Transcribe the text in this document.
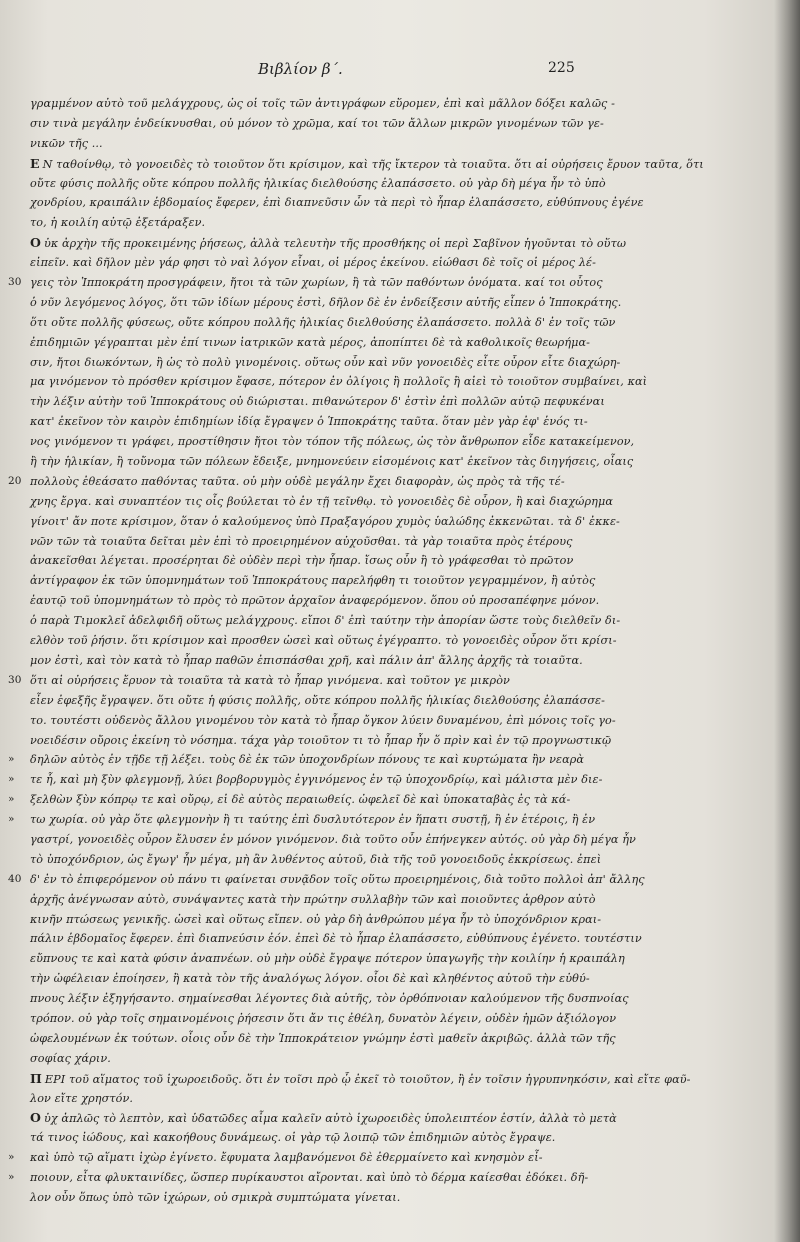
Βιβλίον β΄.	225
γραμμένον αὐτὸ τοῦ μελάγχρους, ὡς οἱ τοῖς τῶν ἀντιγράφων εὕρομεν, ἐπὶ καὶ μᾶλλον δόξει καλῶς -
σιν τινὰ μεγάλην ἐνδείκνυσθαι, οὐ μόνον τὸ χρῶμα, καί τοι τῶν ἄλλων μικρῶν γινομένων τῶν γε-
νικῶν τῆς ...
Ε Ν ταθοίνθῳ, τὸ γονοειδὲς τὸ τοιοῦτον ὅτι κρίσιμον, καὶ τῆς ἴκτερον τὰ τοιαῦτα. ὅτι αἱ οὐρήσεις ἔρυον ταῦτα, ὅτι
οὔτε φύσις πολλῆς οὔτε κόπρου πολλῆς ἡλικίας διελθούσης ἐλαπάσσετο. οὐ γὰρ δὴ μέγα ἦν τὸ ὑπὸ
χονδρίου, κραιπάλιν ἑβδομαίος ἔφερεν, ἐπὶ διαπνεῦσιν ὧν τὰ περὶ τὸ ἧπαρ ἐλαπάσσετο, εὐθύπνους ἐγένε
το, ἡ κοιλίη αὐτῷ ἐξετάραξεν.
Ο ὐκ ἀρχὴν τῆς προκειμένης ῥήσεως, ἀλλὰ τελευτὴν τῆς προσθήκης οἱ περὶ Σαβῖνον ἡγοῦνται τὸ οὕτω
εἰπεῖν. καὶ δῆλον μὲν γάρ φησι τὸ ναὶ λόγον εἶναι, οἱ μέρος ἐκείνου. εἰώθασι δὲ τοῖς οἱ μέρος λέ-
30 γεις τὸν Ἱπποκράτη προσγράφειν, ἤτοι τὰ τῶν χωρίων, ἢ τὰ τῶν παθόντων ὀνόματα. καί τοι οὗτος
ὁ νῦν λεγόμενος λόγος, ὅτι τῶν ἰδίων μέρους ἐστὶ, δῆλον δὲ ἐν ἐνδείξεσιν αὐτῆς εἶπεν ὁ Ἱπποκράτης.
ὅτι οὔτε πολλῆς φύσεως, οὔτε κόπρου πολλῆς ἡλικίας διελθούσης ἐλαπάσσετο. πολλὰ δ' ἐν τοῖς τῶν
ἐπιδημιῶν γέγραπται μὲν ἐπί τινων ἰατρικῶν κατὰ μέρος, ἀποπίπτει δὲ τὰ καθολικοῖς θεωρήμα-
σιν, ἤτοι διωκόντων, ἢ ὡς τὸ πολὺ γινομένοις. οὕτως οὖν καὶ νῦν γονοειδὲς εἶτε οὖρον εἶτε διαχώρη-
μα γινόμενον τὸ πρόσθεν κρίσιμον ἔφασε, πότερον ἐν ὀλίγοις ἢ πολλοῖς ἢ αἰεὶ τὸ τοιοῦτον συμβαίνει, καὶ
τὴν λέξιν αὐτὴν τοῦ Ἱπποκράτους οὐ διώρισται. πιθανώτερον δ' ἐστὶν ἐπὶ πολλῶν αὐτῷ πεφυκέναι
κατ' ἐκεῖνον τὸν καιρὸν ἐπιδημίων ἰδίᾳ ἔγραψεν ὁ Ἱπποκράτης ταῦτα. ὅταν μὲν γὰρ ἐφ' ἑνός τι-
νος γινόμενον τι γράφει, προστίθησιν ἤτοι τὸν τόπον τῆς πόλεως, ὡς τὸν ἄνθρωπον εἶδε κατακείμενον,
ἢ τὴν ἡλικίαν, ἢ τοὔνομα τῶν πόλεων ἔδειξε, μνημονεύειν εἰσομένοις κατ' ἐκεῖνον τὰς διηγήσεις, οἷαις
20 πολλοὺς ἐθεάσατο παθόντας ταῦτα. οὐ μὴν οὐδὲ μεγάλην ἔχει διαφορὰν, ὡς πρὸς τὰ τῆς τέ-
χνης ἔργα. καὶ συναπτέον τις οἷς βούλεται τὸ ἐν τῇ τεῖνθῳ. τὸ γονοειδὲς δὲ οὖρον, ἢ καὶ διαχώρημα
γίνοιτ' ἄν ποτε κρίσιμον, ὅταν ὁ καλούμενος ὑπὸ Πραξαγόρου χυμὸς ὑαλώδης ἐκκενῶται. τὰ δ' ἐκκε-
νῶν τῶν τὰ τοιαῦτα δεῖται μὲν ἐπὶ τὸ προειρημένον αὐχοῦσθαι. τὰ γὰρ τοιαῦτα πρὸς ἑτέρους
ἀνακεῖσθαι λέγεται. προσέρηται δὲ οὐδὲν περὶ τὴν ἧπαρ. ἴσως οὖν ἢ τὸ γράφεσθαι τὸ πρῶτον
ἀντίγραφον ἐκ τῶν ὑπομνημάτων τοῦ Ἱπποκράτους παρελήφθη τι τοιοῦτον γεγραμμένον, ἢ αὐτὸς
ἑαυτῷ τοῦ ὑπομνημάτων τὸ πρὸς τὸ πρῶτον ἀρχαῖον ἀναφερόμενον. ὅπου οὐ προσαπέφηνε μόνον.
ὁ παρὰ Τιμοκλεῖ ἀδελφιδῆ οὕτως μελάγχρους. εἴποι δ' ἐπὶ ταύτην τὴν ἀπορίαν ὥστε τοὺς διελθεῖν δι-
ελθὸν τοῦ ῥήσιν. ὅτι κρίσιμον καὶ προσθεν ὡσεὶ καὶ οὕτως ἐγέγραπτο. τὸ γονοειδὲς οὖρον ὅτι κρίσι-
μον ἐστὶ, καὶ τὸν κατὰ τὸ ἧπαρ παθῶν ἐπισπάσθαι χρῆ, καὶ πάλιν ἀπ' ἄλλης ἀρχῆς τὰ τοιαῦτα.
30 ὅτι αἱ οὐρήσεις ἔρυον τὰ τοιαῦτα τὰ κατὰ τὸ ἧπαρ γινόμενα. καὶ τοῦτον γε μικρὸν
εἶεν ἐφεξῆς ἔγραψεν. ὅτι οὔτε ἡ φύσις πολλῆς, οὔτε κόπρου πολλῆς ἡλικίας διελθούσης ἐλαπάσσε-
το. τουτέστι οὐδενὸς ἄλλου γινομένου τὸν κατὰ τὸ ἧπαρ ὄγκον λύειν δυναμένου, ἐπὶ μόνοις τοῖς γο-
νοειδέσιν οὔροις ἐκείνη τὸ νόσημα. τάχα γὰρ τοιοῦτον τι τὸ ἧπαρ ἦν ὅ πρὶν καὶ ἐν τῷ προγνωστικῷ
» δηλῶν αὐτὸς ἐν τῇδε τῇ λέξει. τοὺς δὲ ἐκ τῶν ὑποχονδρίων πόνους τε καὶ κυρτώματα ἢν νεαρὰ
» τε ἧ, καὶ μὴ ξὺν φλεγμονῇ, λύει βορβορυγμὸς ἐγγινόμενος ἐν τῷ ὑποχονδρίῳ, καὶ μάλιστα μὲν διε-
» ξελθὼν ξὺν κόπρῳ τε καὶ οὔρῳ, εἰ δὲ αὐτὸς περαιωθείς. ὠφελεῖ δὲ καὶ ὑποκαταβὰς ἐς τὰ κά-
» τω χωρία. οὐ γὰρ ὅτε φλεγμονὴν ἢ τι ταύτης ἐπὶ δυσλυτότερον ἐν ἥπατι συστῇ, ἢ ἐν ἑτέροις, ἢ ἐν
γαστρί, γονοειδὲς οὖρον ἔλυσεν ἐν μόνον γινόμενον. διὰ τοῦτο οὖν ἐπήνεγκεν αὐτός. οὐ γὰρ δὴ μέγα ἦν
τὸ ὑποχόνδριον, ὡς ἔγωγ' ἦν μέγα, μὴ ἂν λυθέντος αὐτοῦ, διὰ τῆς τοῦ γονοειδοῦς ἐκκρίσεως. ἐπεὶ
40 δ' ἐν τὸ ἐπιφερόμενον οὐ πάνυ τι φαίνεται συνᾷδον τοῖς οὕτω προειρημένοις, διὰ τοῦτο πολλοὶ ἀπ' ἄλλης
ἀρχῆς ἀνέγνωσαν αὐτὸ, συνάψαντες κατὰ τὴν πρώτην συλλαβὴν τῶν καὶ ποιοῦντες ἀρθρον αὐτὸ
κινῆν πτώσεως γενικῆς. ὡσεὶ καὶ οὕτως εἴπεν. οὐ γὰρ δὴ ἀνθρώπου μέγα ἦν τὸ ὑποχόνδριον κραι-
πάλιν ἑβδομαῖος ἔφερεν. ἐπὶ διαπνεύσιν ἐόν. ἐπεὶ δὲ τὸ ἧπαρ ἐλαπάσσετο, εὐθύπνους ἐγένετο. τουτέστιν
εὔπνους τε καὶ κατὰ φύσιν ἀναπνέων. οὐ μὴν οὐδὲ ἔγραψε πότερον ὑπαγωγῆς τὴν κοιλίην ἡ κραιπάλη
τὴν ὠφέλειαν ἐποίησεν, ἢ κατὰ τὸν τῆς ἀναλόγως λόγον. οἷοι δὲ καὶ κληθέντος αὐτοῦ τὴν εὐθύ-
πνους λέξιν ἐξηγήσαντο. σημαίνεσθαι λέγοντες διὰ αὐτῆς, τὸν ὀρθόπνοιαν καλούμενον τῆς δυσπνοίας
τρόπον. οὐ γὰρ τοῖς σημαινομένοις ῥήσεσιν ὅτι ἄν τις ἐθέλη, δυνατὸν λέγειν, οὐδὲν ἡμῶν ἀξιόλογον
ὠφελουμένων ἐκ τούτων. οἷοις οὖν δὲ τὴν Ἱπποκράτειον γνώμην ἐστὶ μαθεῖν ἀκριβῶς. ἀλλὰ τῶν τῆς
σοφίας χάριν.
Π ΕΡΙ τοῦ αἵματος τοῦ ἰχωροειδοῦς. ὅτι ἐν τοῖσι πρὸ ᾧ ἐκεῖ τὸ τοιοῦτον, ἢ ἐν τοῖσιν ἠγρυπνηκόσιν, καὶ εἴτε φαῦ-
λον εἴτε χρηστόν.
Ο ὐχ ἁπλῶς τὸ λεπτὸν, καὶ ὑδατῶδες αἷμα καλεῖν αὐτὸ ἰχωροειδὲς ὑπολειπτέον ἐστίν, ἀλλὰ τὸ μετὰ
τά τινος ἰώδους, καὶ κακοήθους δυνάμεως. οἱ γὰρ τῷ λοιπῷ τῶν ἐπιδημιῶν αὐτὸς ἔγραψε.
» καὶ ὑπὸ τῷ αἵματι ἰχὼρ ἐγίνετο. ἔφυματα λαμβανόμενοι δὲ ἐθερμαίνετο καὶ κνησμὸν εἶ-
» ποιουν, εἶτα φλυκταινίδες, ὥσπερ πυρίκαυστοι αἴρονται. καὶ ὑπὸ τὸ δέρμα καίεσθαι ἐδόκει. δῆ-
λον οὖν ὅπως ὑπὸ τῶν ἰχώρων, οὐ σμικρὰ συμπτώματα γίνεται.
